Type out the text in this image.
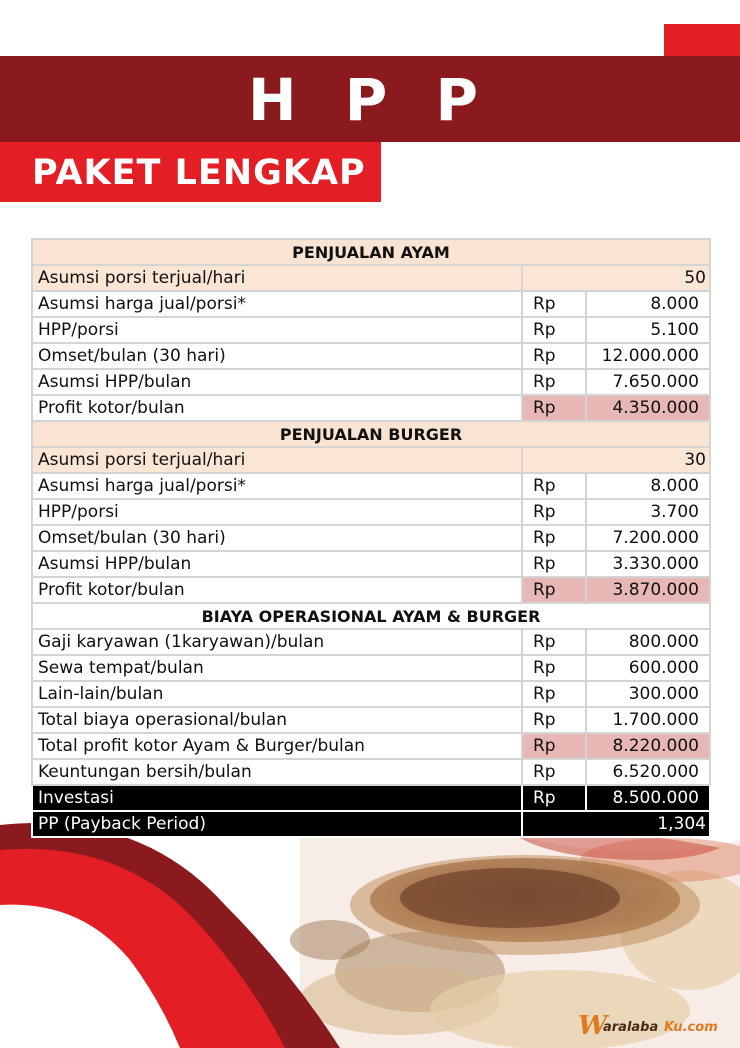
H P P
PAKET LENGKAP
PENJUALAN AYAM		
Asumsi porsi terjual/hari	50	
Asumsi harga jual/porsi*	Rp	8.000
HPP/porsi	Rp	5.100
Omset/bulan (30 hari)	Rp	12.000.000
Asumsi HPP/bulan	Rp	7.650.000
Profit kotor/bulan	Rp	4.350.000
PENJUALAN BURGER		
Asumsi porsi terjual/hari	30	
Asumsi harga jual/porsi*	Rp	8.000
HPP/porsi	Rp	3.700
Omset/bulan (30 hari)	Rp	7.200.000
Asumsi HPP/bulan	Rp	3.330.000
Profit kotor/bulan	Rp	3.870.000
BIAYA OPERASIONAL AYAM & BURGER		
Gaji karyawan (1karyawan)/bulan	Rp	800.000
Sewa tempat/bulan	Rp	600.000
Lain-lain/bulan	Rp	300.000
Total biaya operasional/bulan	Rp	1.700.000
Total profit kotor Ayam & Burger/bulan	Rp	8.220.000
Keuntungan bersih/bulan	Rp	6.520.000
Investasi	Rp	8.500.000
PP (Payback Period)	1,304	
W
aralaba Ku.com
